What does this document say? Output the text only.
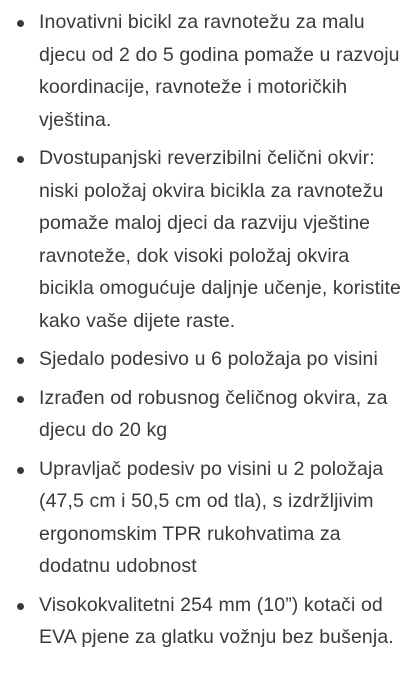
Inovativni bicikl za ravnotežu za malu djecu od 2 do 5 godina pomaže u razvoju koordinacije, ravnoteže i motoričkih vještina.
Dvostupanjski reverzibilni čelični okvir: niski položaj okvira bicikla za ravnotežu pomaže maloj djeci da razviju vještine ravnoteže, dok visoki položaj okvira bicikla omogućuje daljnje učenje, koristite kako vaše dijete raste.
Sjedalo podesivo u 6 položaja po visini
Izrađen od robusnog čeličnog okvira, za djecu do 20 kg
Upravljač podesiv po visini u 2 položaja (47,5 cm i 50,5 cm od tla), s izdržljivim ergonomskim TPR rukohvatima za dodatnu udobnost
Visokokvalitetni 254 mm (10”) kotači od EVA pjene za glatku vožnju bez bušenja.
